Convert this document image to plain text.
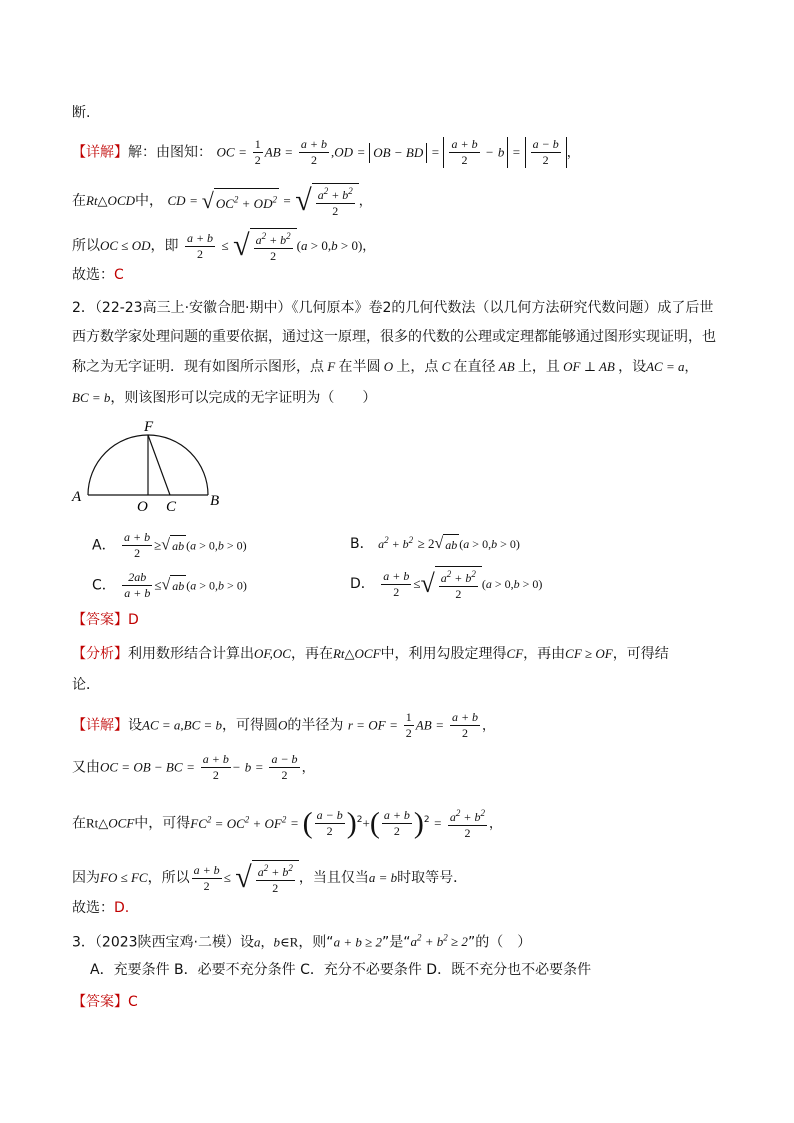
断.
【详解】解：由图知： OC = $\frac{1}{2}$ AB = $\frac{a + b}{2} ,OD$ = OB − BD = $\frac{a + b}{2} - b = \frac{a - b}{2}$ ，
在Rt△OCD中， CD = √ $OC^2 + OD^2$ = √ $\frac{a^2 + b^2}{2}$ ，
所以OC ≤ OD，即 $\frac{a + b}{2}$ ≤ √ $\frac{a^2 + b^2}{2} (a > 0,b > 0)$，
故选：C
2．（22-23高三上·安徽合肥·期中）《几何原本》卷2的几何代数法（以几何方法研究代数问题）成了后世
西方数学家处理问题的重要依据，通过这一原理，很多的代数的公理或定理都能够通过图形实现证明，也
称之为无字证明．现有如图所示图形，点 F 在半圆 O 上，点 C 在直径 AB 上，且 OF ⊥ AB ，设AC = a，
BC = b，则该图形可以完成的无字证明为（　　）
F
A
O C B
A． $\frac{a + b}{2}$ ≥√ ab (a > 0,b > 0)	B． $a^2 + b^2 \ge 2√$ ab (a > 0,b > 0)
C． $\frac{2ab}{a + b}$ ≤√ ab (a > 0,b > 0)	D． $\frac{a + b}{2}$ ≤√ $\frac{a^2 + b^2}{2} (a > 0,b > 0)$
【答案】D
【分析】利用数形结合计算出OF,OC，再在Rt△OCF中，利用勾股定理得CF，再由CF ≥ OF，可得结
论．
【详解】设AC = a,BC = b，可得圆O的半径为 r = OF = $\frac{1}{2}$ AB = $\frac{a + b}{2}$ ，
又由OC = OB − BC = $\frac{a + b}{2} - b = \frac{a - b}{2}$ ，
在Rt△OCF中，可得$FC^2 = OC^2 + OF^2$ = ( $\frac{a - b}{2} )^2+( \frac{a + b}{2} )^2 = \frac{a^2 + b^2}{2}$ ，
因为FO ≤ FC，所以 $\frac{a + b}{2}$ ≤ √ $\frac{a^2 + b^2}{2}$ ，当且仅当a = b时取等号．
故选：D.
3．（2023陕西宝鸡·二模）设a，b∈R，则“a + b ≥ 2”是“$a^2 + b^2 \ge 2$”的（　）
A．充要条件 B．必要不充分条件 C．充分不必要条件 D．既不充分也不必要条件
【答案】C
